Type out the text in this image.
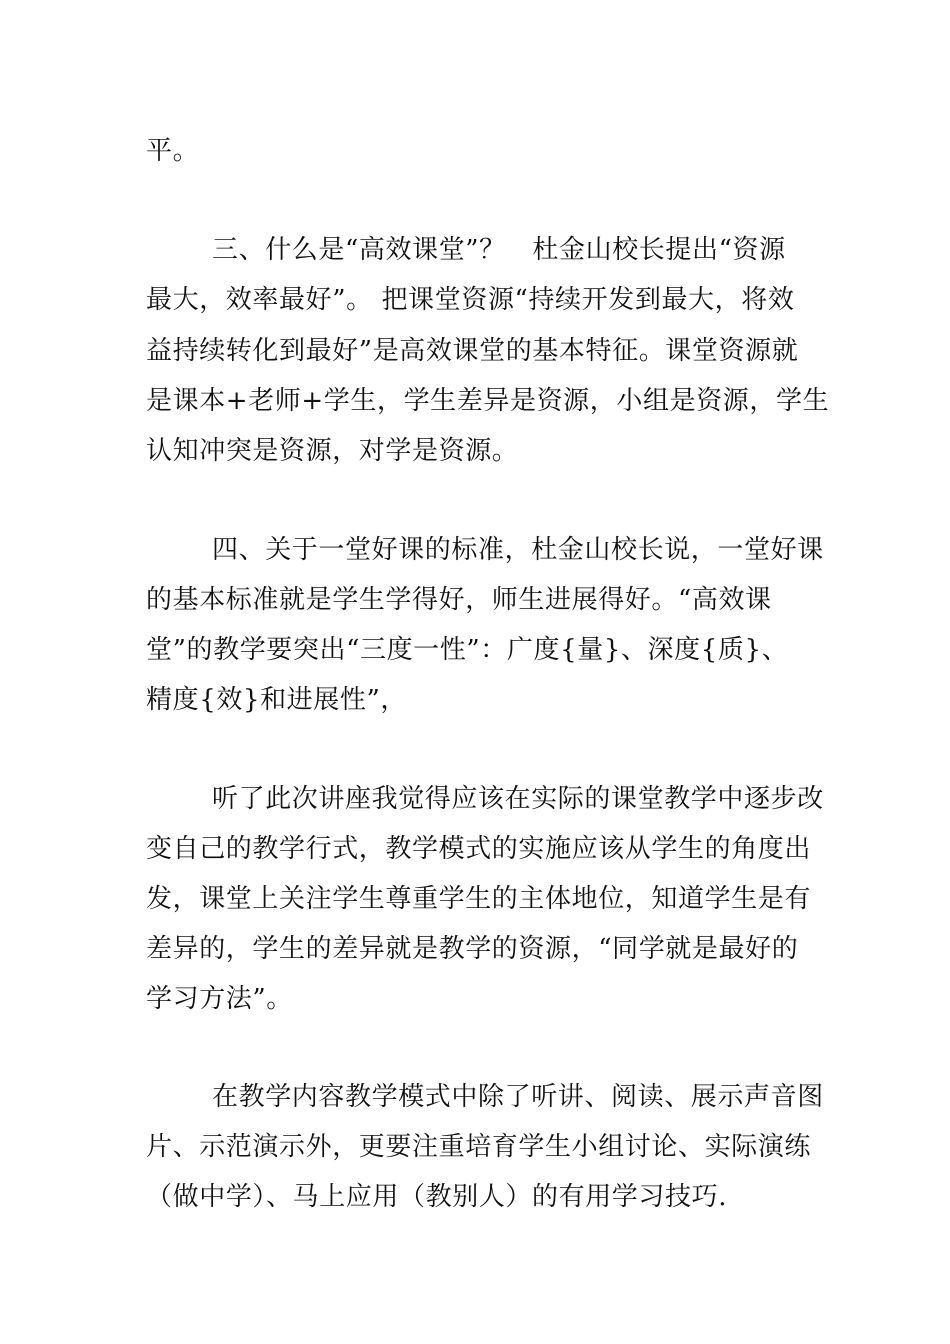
平。
三、什么是“高效课堂”？　杜金山校长提出“资源
最大，效率最好”。 把课堂资源“持续开发到最大，将效
益持续转化到最好”是高效课堂的基本特征。课堂资源就
是课本+老师+学生，学生差异是资源，小组是资源，学生
认知冲突是资源，对学是资源。
四、关于一堂好课的标准，杜金山校长说，一堂好课
的基本标准就是学生学得好，师生进展得好。“高效课
堂”的教学要突出“三度一性”：广度{量}、深度{质}、
精度{效}和进展性”，
听了此次讲座我觉得应该在实际的课堂教学中逐步改
变自己的教学行式，教学模式的实施应该从学生的角度出
发，课堂上关注学生尊重学生的主体地位，知道学生是有
差异的，学生的差异就是教学的资源，“同学就是最好的
学习方法”。
在教学内容教学模式中除了听讲、阅读、展示声音图
片、示范演示外，更要注重培育学生小组讨论、实际演练
（做中学）、马上应用（教别人）的有用学习技巧.
